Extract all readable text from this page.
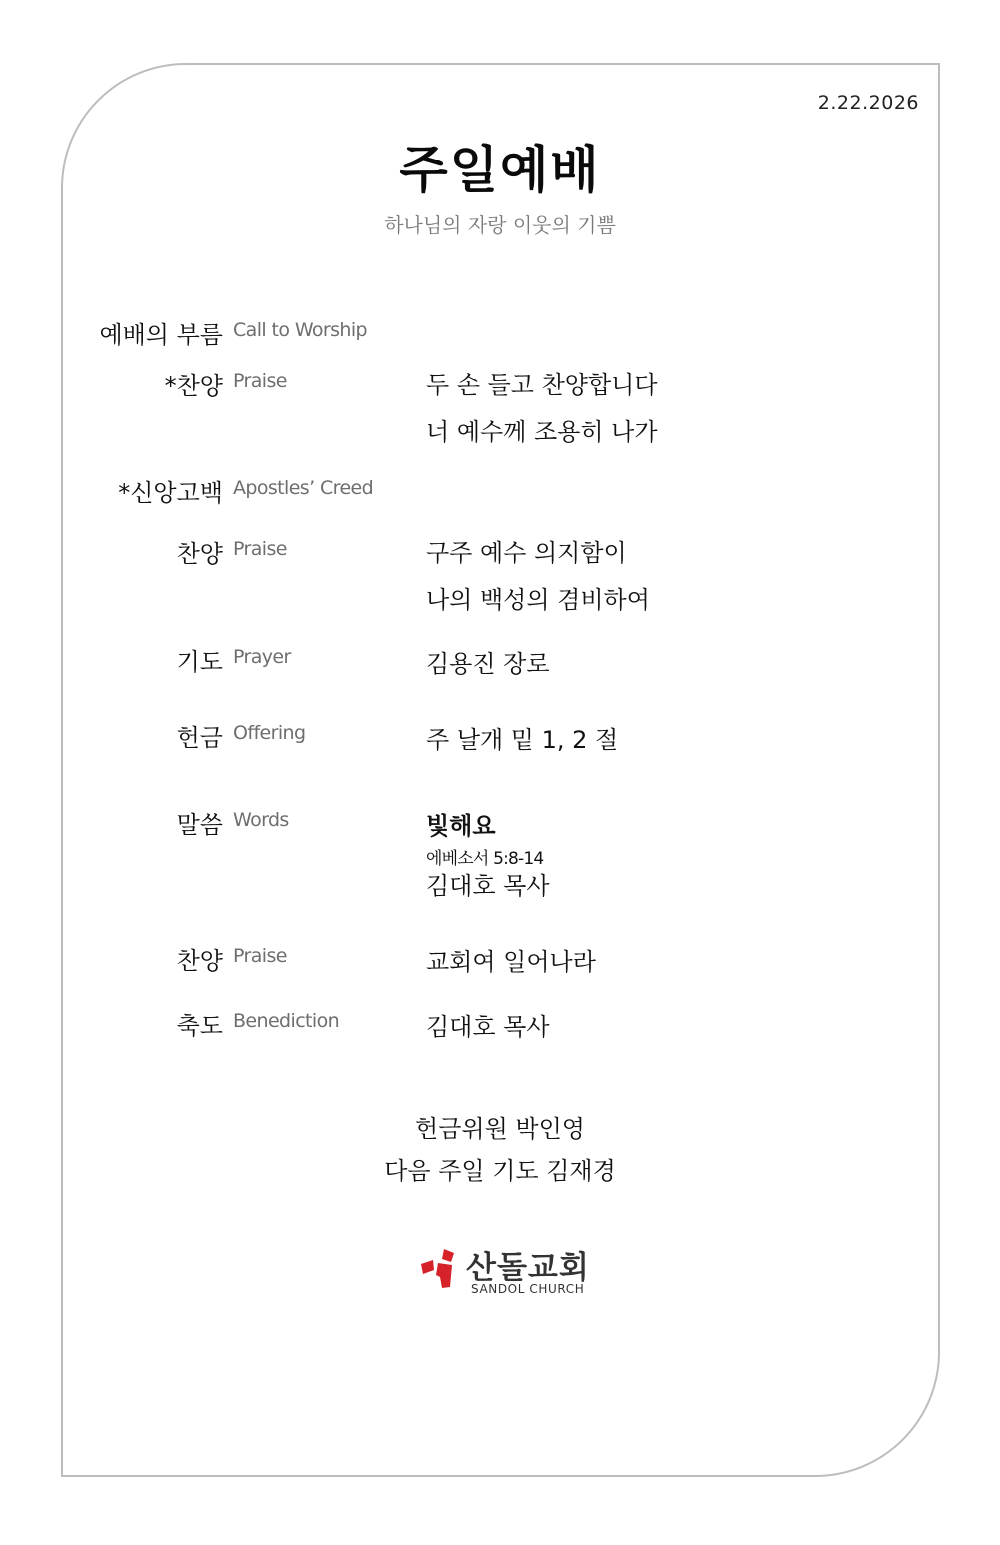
2.22.2026
주일예배
하나님의 자랑 이웃의 기쁨
예배의 부름 Call to Worship
*찬양 Praise	두 손 들고 찬양합니다
너 예수께 조용히 나가
*신앙고백 Apostles’ Creed
찬양 Praise	구주 예수 의지함이
나의 백성의 겸비하여
기도 Prayer	김용진 장로
헌금 Offering	주 날개 밑 1, 2 절
말씀 Words	빛해요
에베소서 5:8-14
김대호 목사
찬양 Praise	교회여 일어나라
축도 Benediction	김대호 목사
헌금위원 박인영
다음 주일 기도 김재경
산돌교회
SANDOL CHURCH
